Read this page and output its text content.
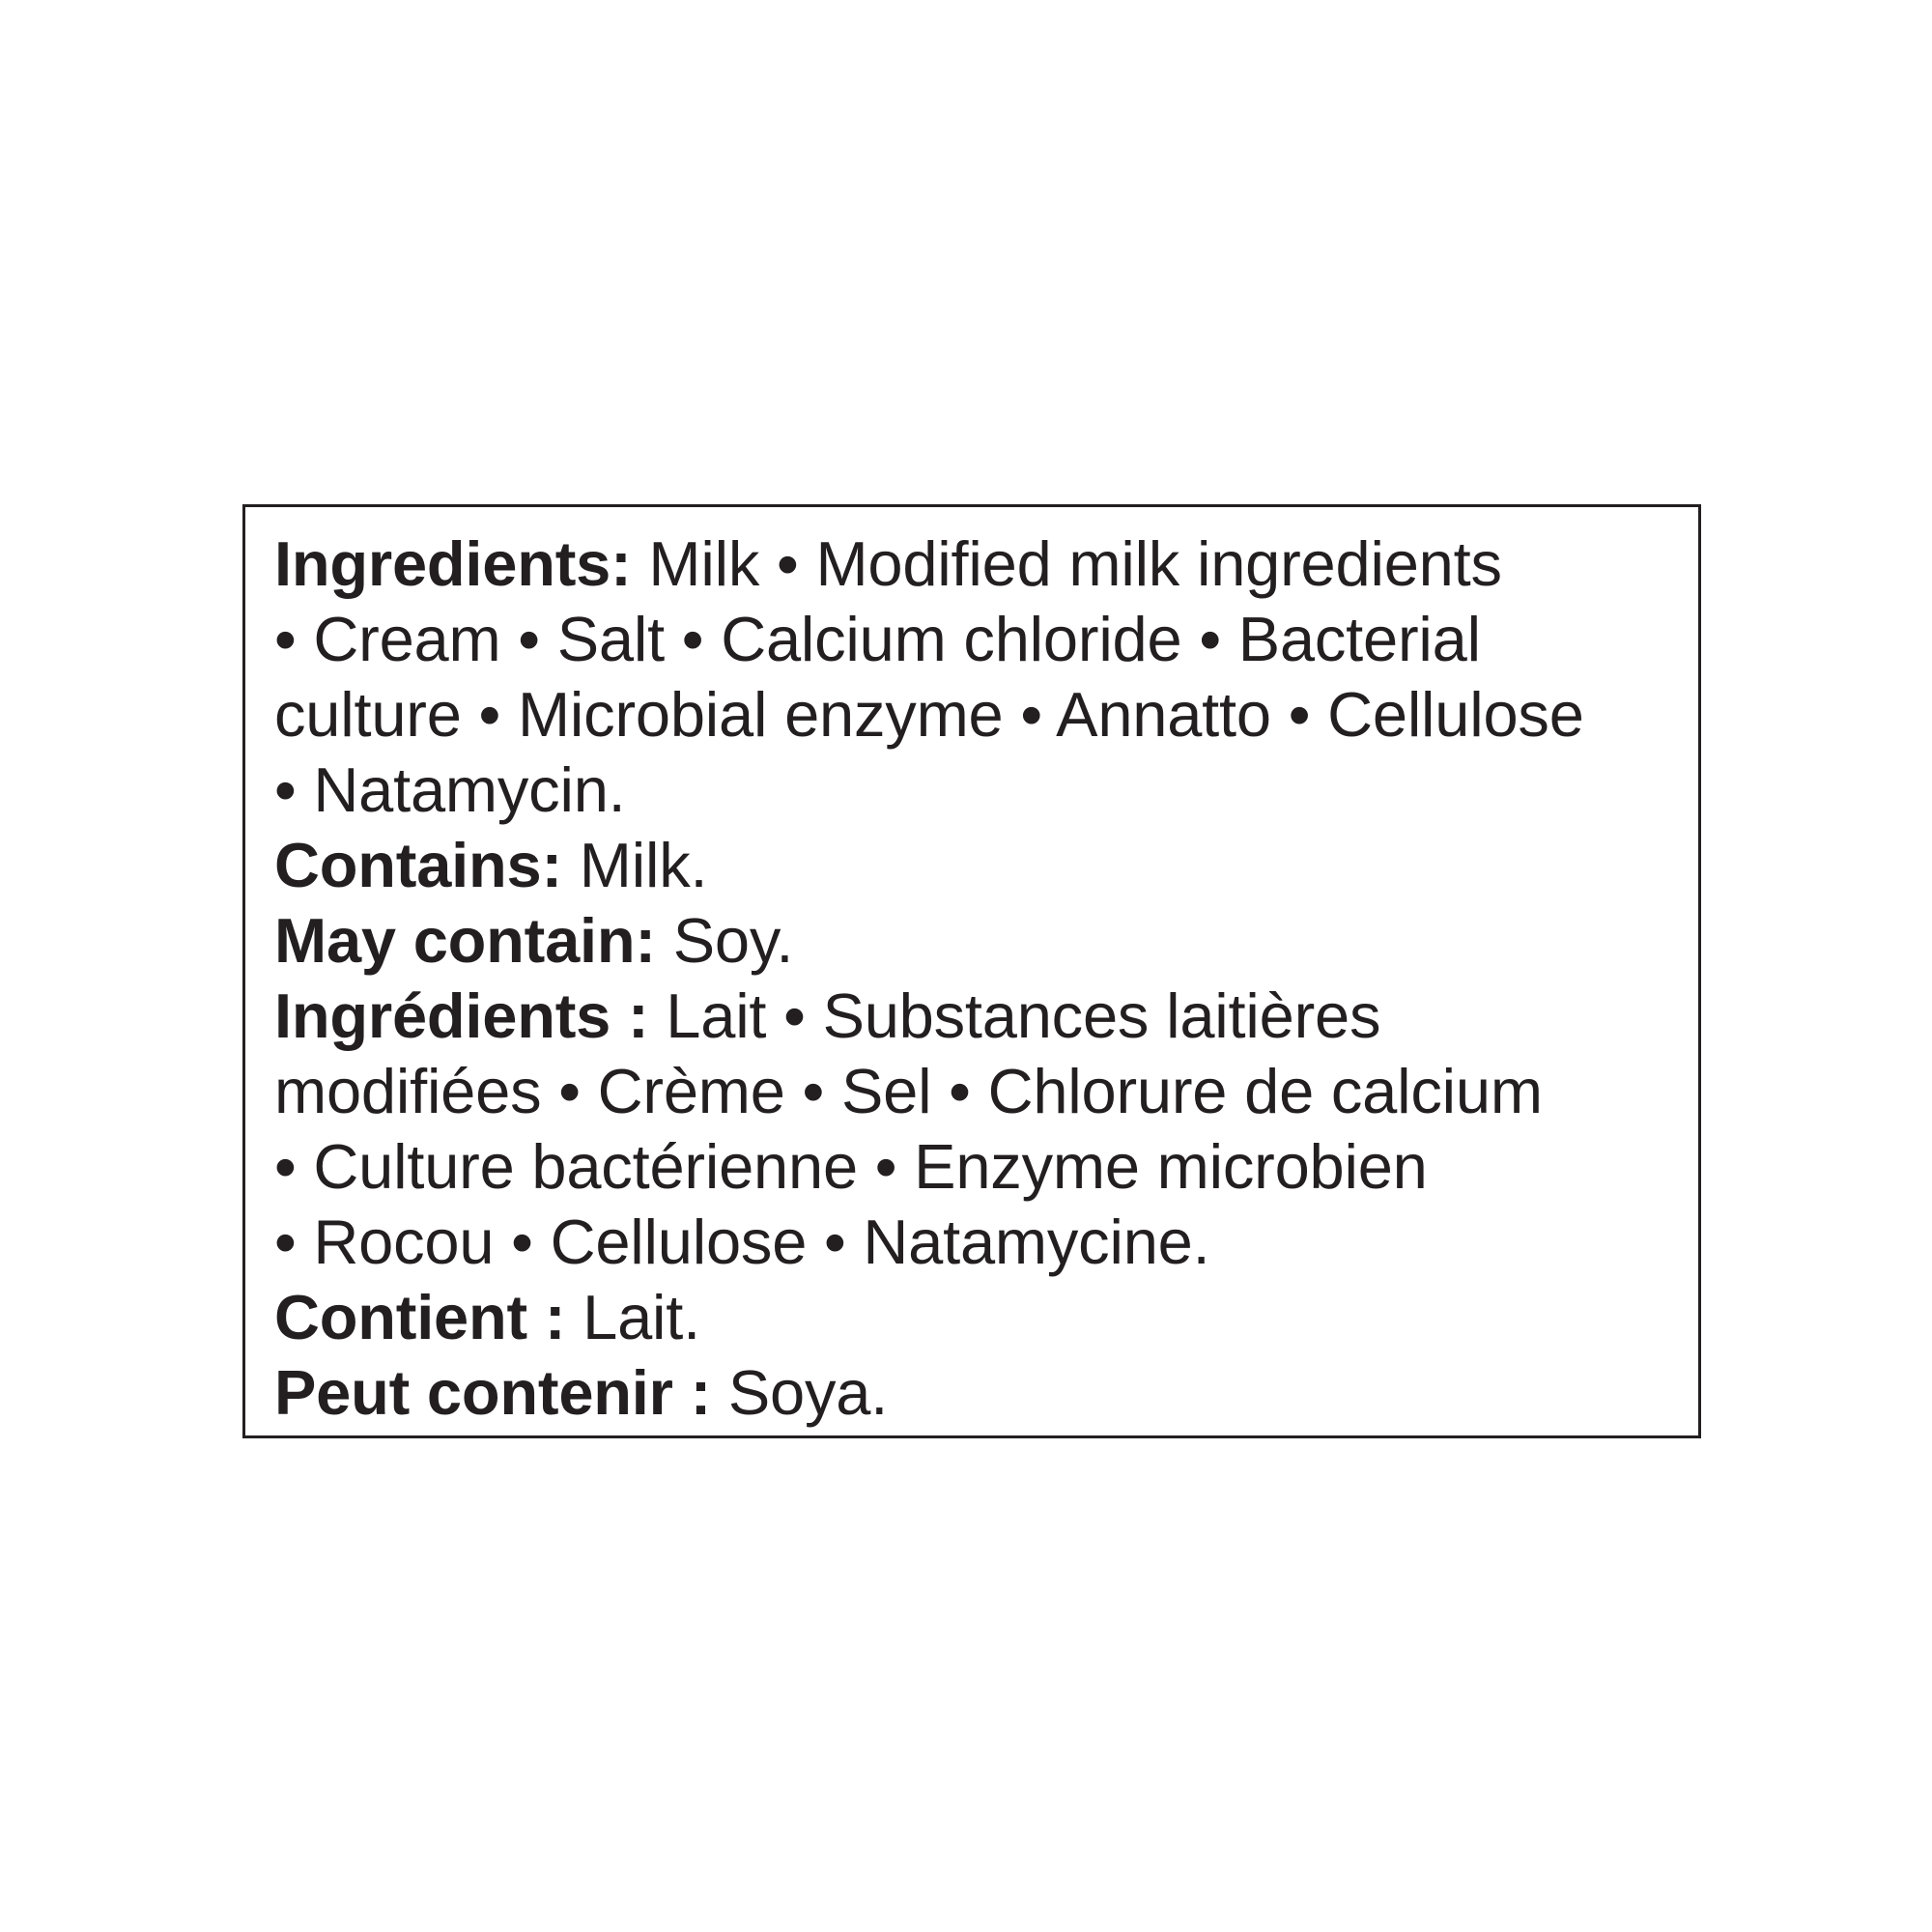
Ingredients: Milk • Modified milk ingredients
• Cream • Salt • Calcium chloride • Bacterial
culture • Microbial enzyme • Annatto • Cellulose
• Natamycin.
Contains: Milk.
May contain: Soy.
Ingrédients : Lait • Substances laitières
modifiées • Crème • Sel • Chlorure de calcium
• Culture bactérienne • Enzyme microbien
• Rocou • Cellulose • Natamycine.
Contient : Lait.
Peut contenir : Soya.
